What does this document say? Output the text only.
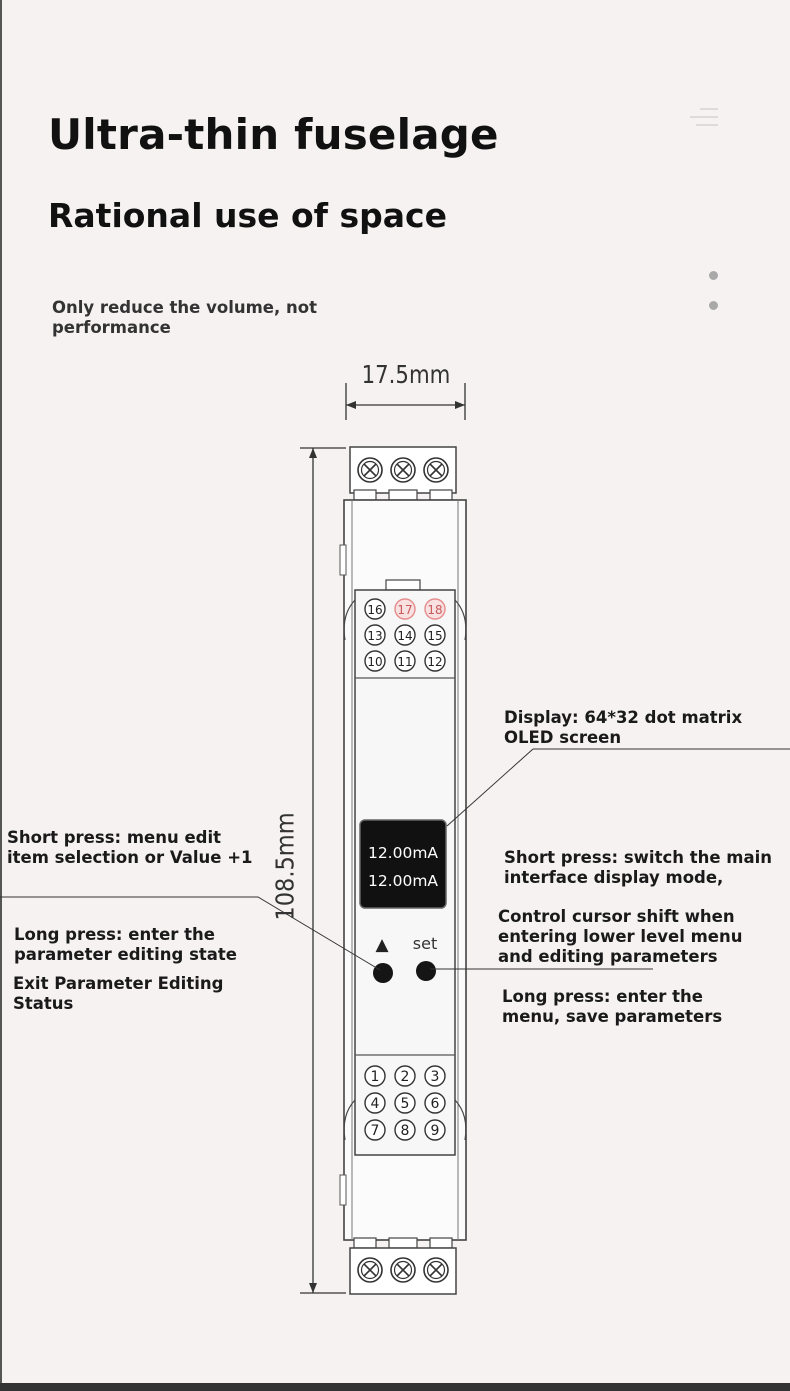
Ultra-thin fuselage
Rational use of space
Only reduce the volume, not performance
16 17 18
13 14 15
10 11 12
12.00mA
12.00mA
▲ set
1 2 3
4 5 6
7 8 9
17.5mm
108.5mm
Display: 64*32 dot matrix OLED screen
Short press: menu edit item selection or Value +1
Long press: enter the parameter editing state
Exit Parameter Editing Status
Short press: switch the main interface display mode,
Control cursor shift when entering lower level menu and editing parameters
Long press: enter the menu, save parameters
